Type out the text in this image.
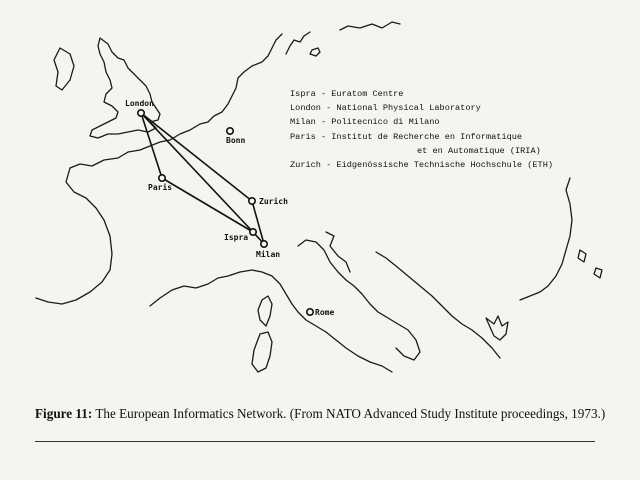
London
Bonn
Paris
Zurich
Ispra
Milan
Rome
Ispra - Euratom Centre
London - National Physical Laboratory
Milan - Politecnico di Milano
Paris - Institut de Recherche en Informatique
et en Automatique (IRIA)
Zurich - Eidgenössische Technische Hochschule (ETH)
Figure 11: The European Informatics Network. (From NATO Advanced Study Institute proceedings, 1973.)
